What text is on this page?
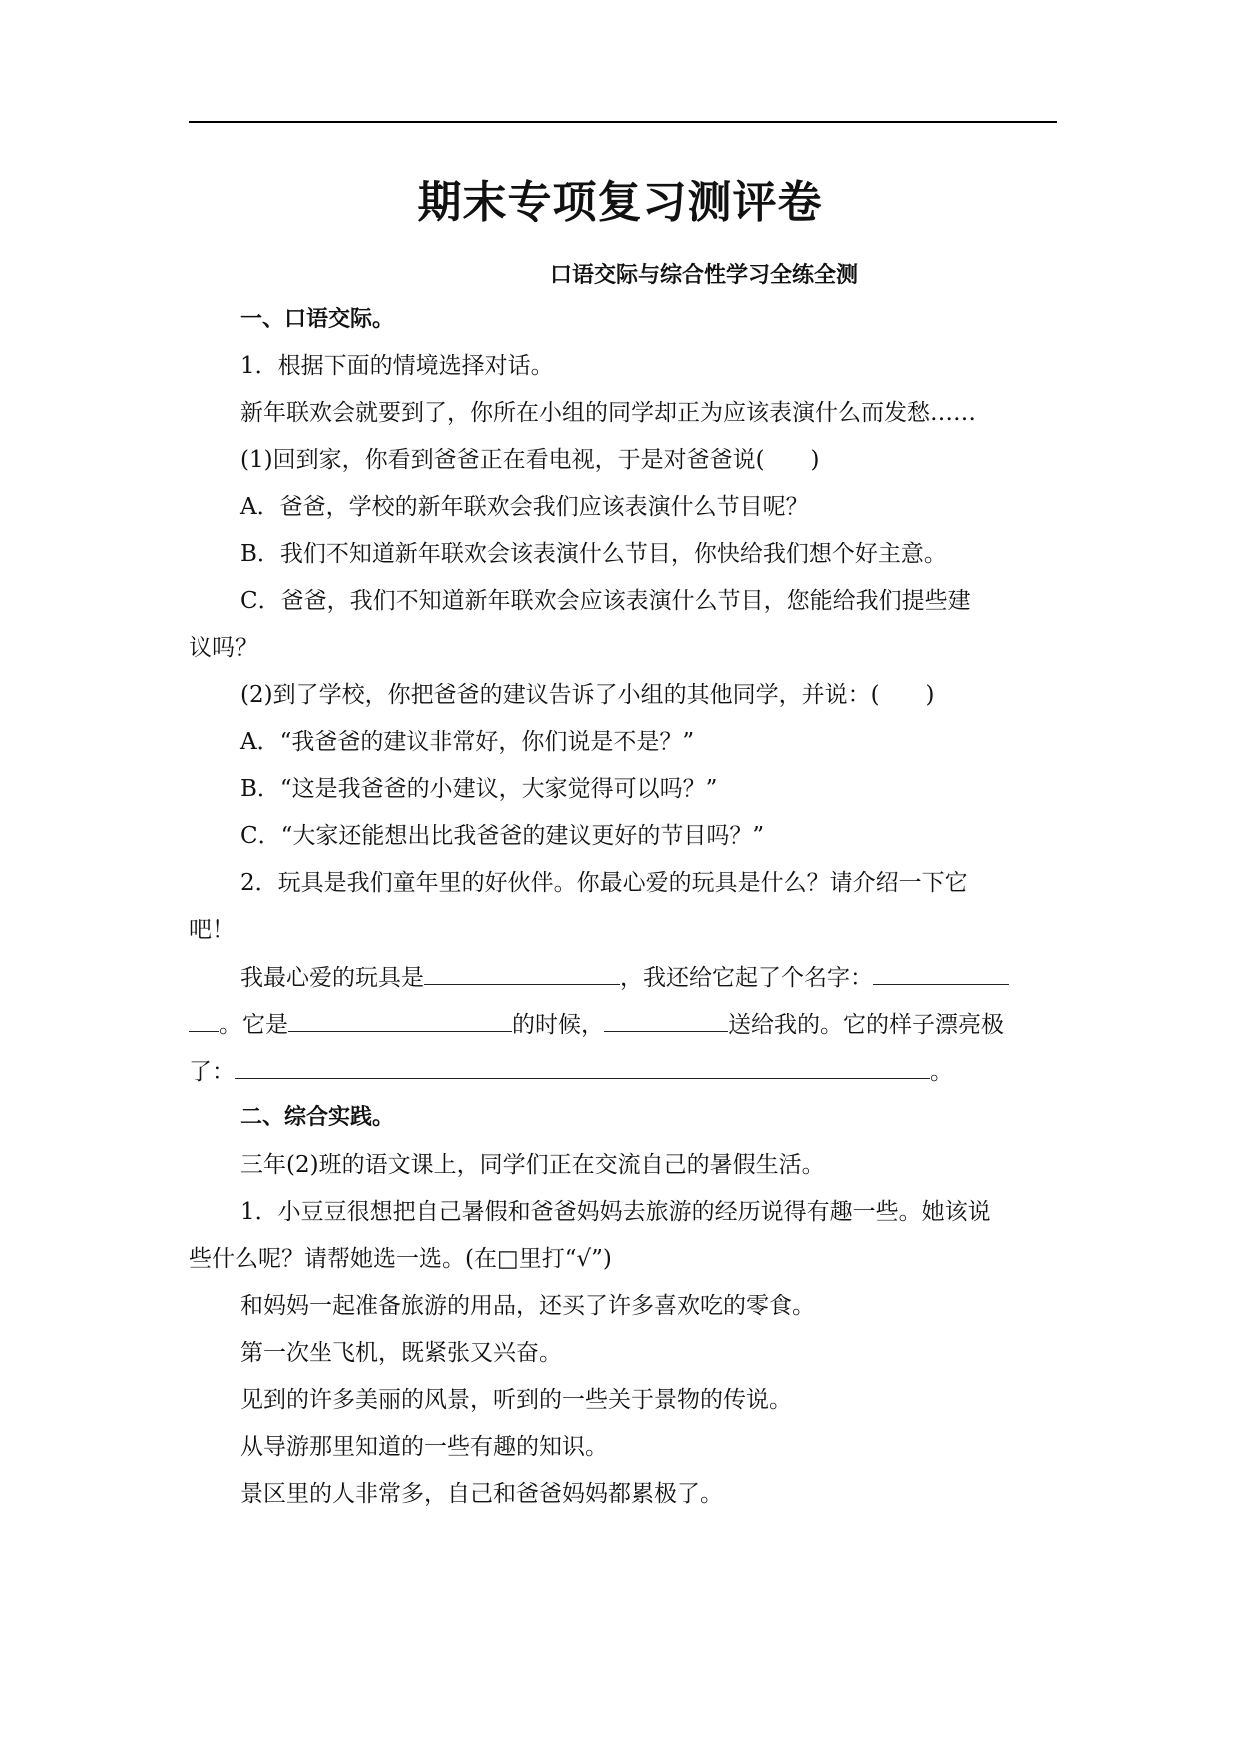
期末专项复习测评卷
口语交际与综合性学习全练全测
一、口语交际。
1．根据下面的情境选择对话。
新年联欢会就要到了，你所在小组的同学却正为应该表演什么而发愁……
(1)回到家，你看到爸爸正在看电视，于是对爸爸说(　　)
A．爸爸，学校的新年联欢会我们应该表演什么节目呢？
B．我们不知道新年联欢会该表演什么节目，你快给我们想个好主意。
C．爸爸，我们不知道新年联欢会应该表演什么节目，您能给我们提些建
议吗？
(2)到了学校，你把爸爸的建议告诉了小组的其他同学，并说：(　　)
A．“我爸爸的建议非常好，你们说是不是？”
B．“这是我爸爸的小建议，大家觉得可以吗？”
C．“大家还能想出比我爸爸的建议更好的节目吗？”
2．玩具是我们童年里的好伙伴。你最心爱的玩具是什么？请介绍一下它
吧！
我最心爱的玩具是	，我还给它起了个名字：
。它是	的时候，	送给我的。它的样子漂亮极
了：	。
二、综合实践。
三年(2)班的语文课上，同学们正在交流自己的暑假生活。
1．小豆豆很想把自己暑假和爸爸妈妈去旅游的经历说得有趣一些。她该说
些什么呢？请帮她选一选。(在□里打“√”)
和妈妈一起准备旅游的用品，还买了许多喜欢吃的零食。
第一次坐飞机，既紧张又兴奋。
见到的许多美丽的风景，听到的一些关于景物的传说。
从导游那里知道的一些有趣的知识。
景区里的人非常多，自己和爸爸妈妈都累极了。
